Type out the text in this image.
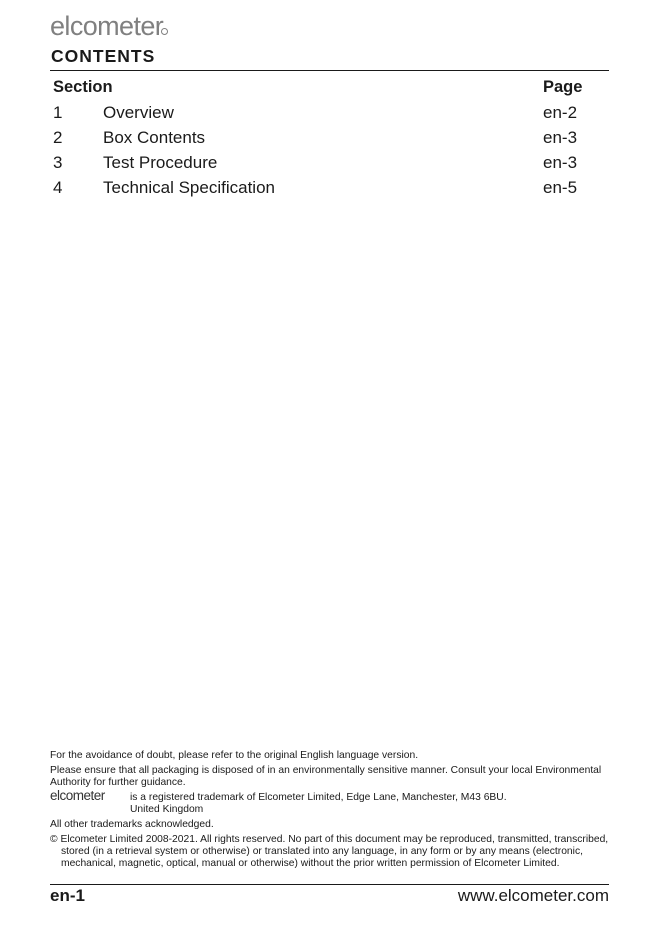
elcometer
CONTENTS
Section	Page
1 Overview	en-2
2 Box Contents	en-3
3 Test Procedure	en-3
4 Technical Specification	en-5

For the avoidance of doubt, please refer to the original English language version.

Please ensure that all packaging is disposed of in an environmentally sensitive manner. Consult your local Environmental Authority for further guidance.

elcometer is a registered trademark of Elcometer Limited, Edge Lane, Manchester, M43 6BU.
United Kingdom

All other trademarks acknowledged.

© Elcometer Limited 2008-2021. All rights reserved. No part of this document may be reproduced, transmitted, transcribed, stored (in a retrieval system or otherwise) or translated into any language, in any form or by any means (electronic, mechanical, magnetic, optical, manual or otherwise) without the prior written permission of Elcometer Limited.

en-1	www.elcometer.com
